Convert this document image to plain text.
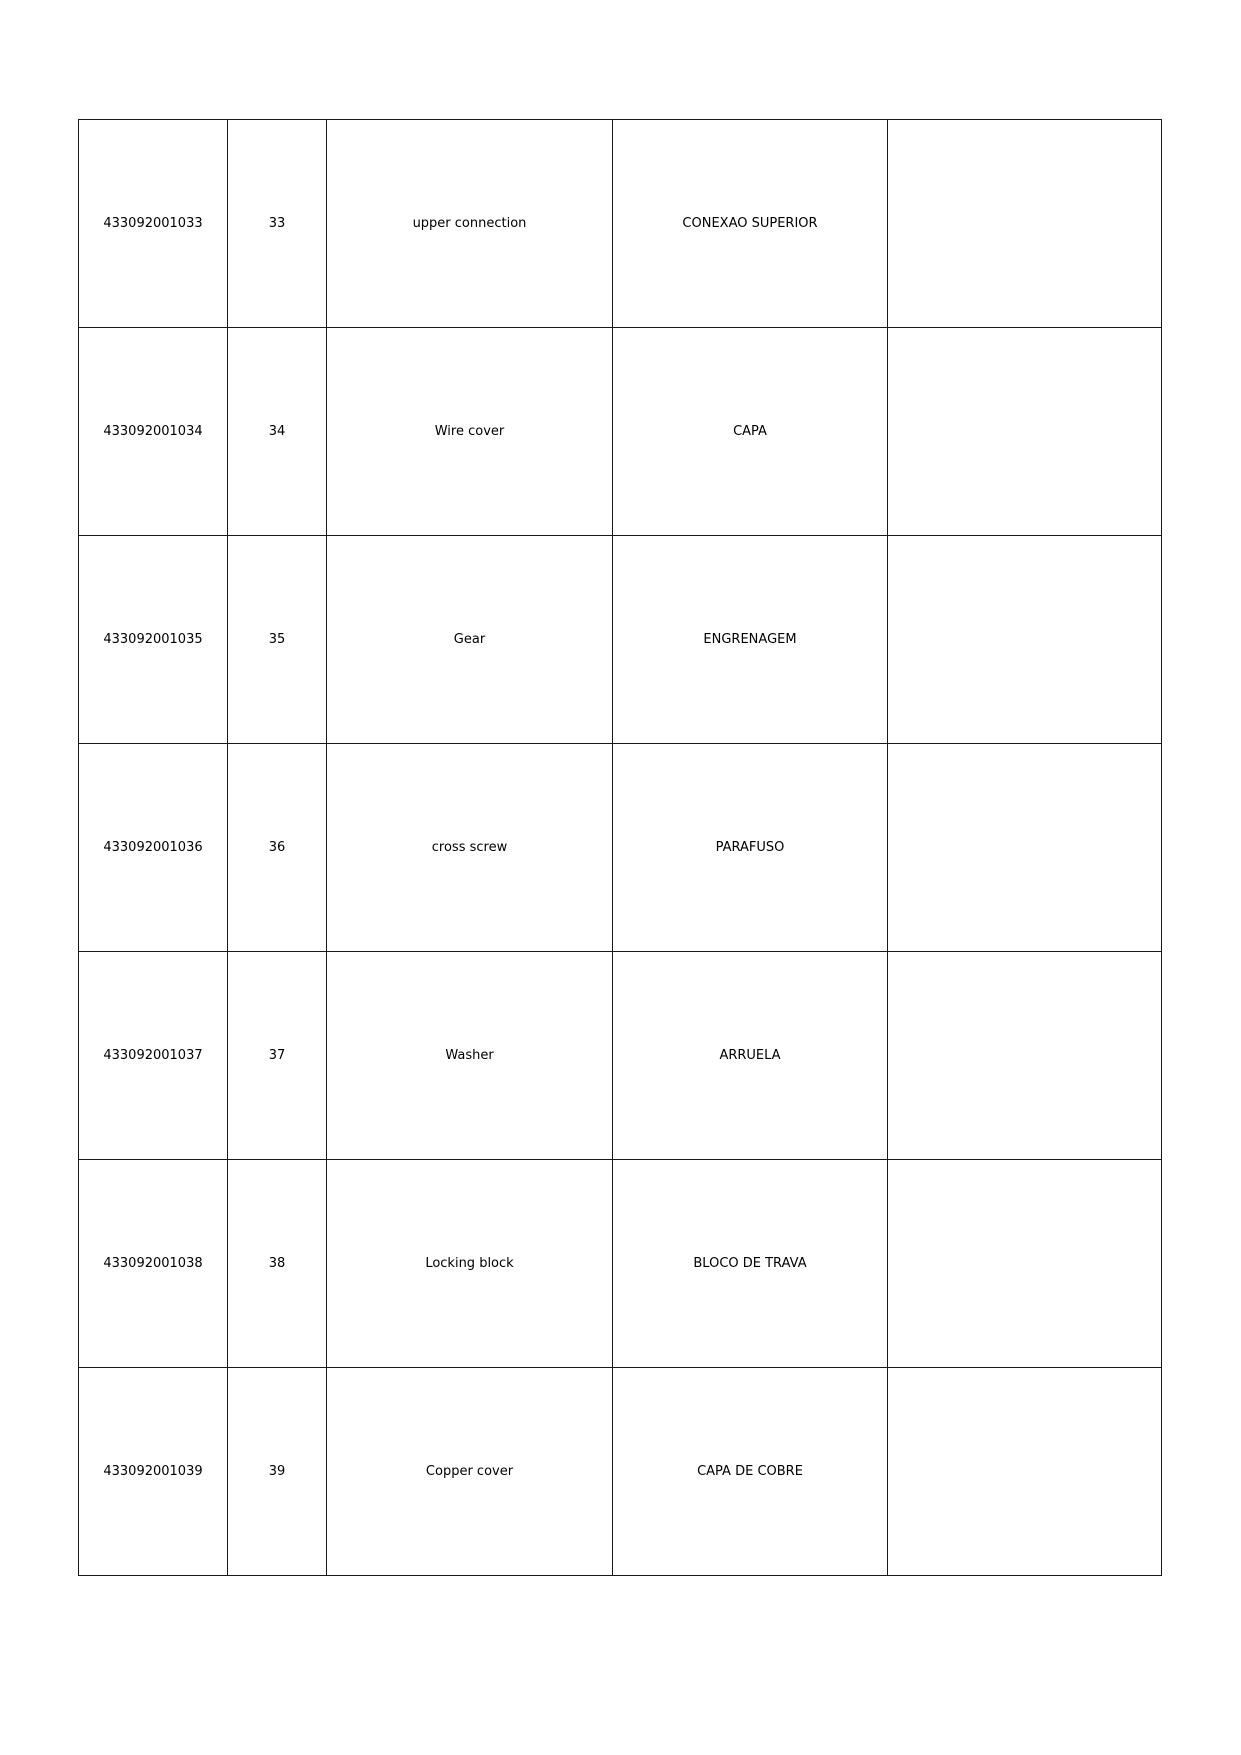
433092001033	33	upper connection	CONEXAO SUPERIOR	
433092001034	34	Wire cover	CAPA	
433092001035	35	Gear	ENGRENAGEM	
433092001036	36	cross screw	PARAFUSO	
433092001037	37	Washer	ARRUELA	
433092001038	38	Locking block	BLOCO DE TRAVA	
433092001039	39	Copper cover	CAPA DE COBRE	
